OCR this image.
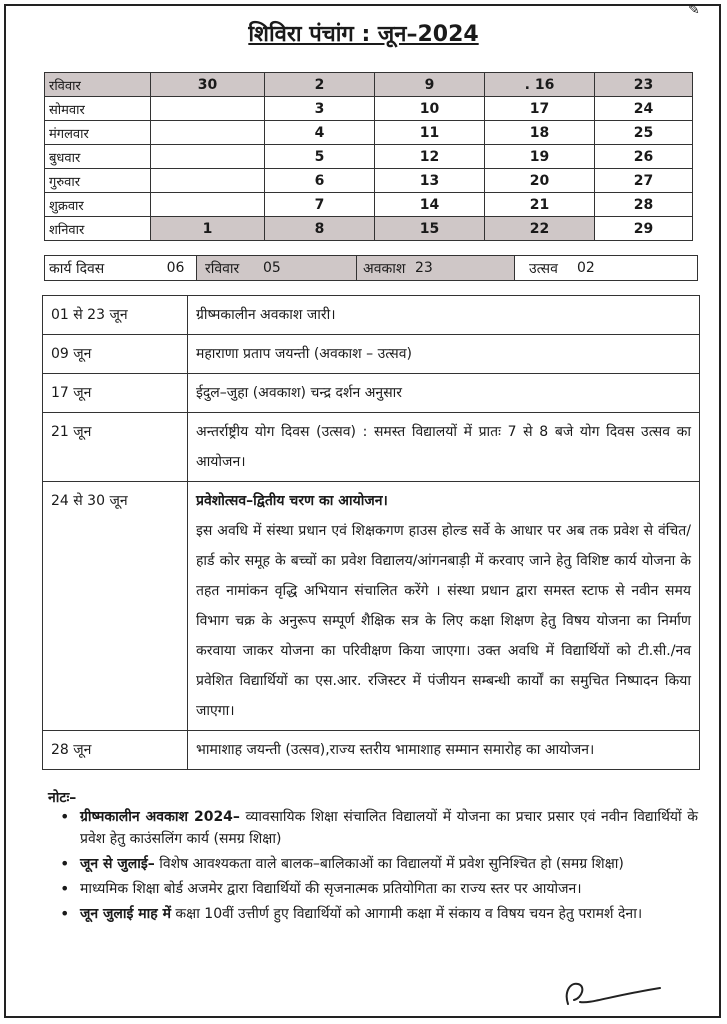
✎
शिविरा पंचांग : जून–2024
रविवार	30	2	9	. 16	23
सोमवार		3	10	17	24
मंगलवार		4	11	18	25
बुधवार		5	12	19	26
गुरुवार		6	13	20	27
शुक्रवार		7	14	21	28
शनिवार	1	8	15	22	29
कार्य दिवस	06	रविवार	05	अवकाश 23	उत्सव	02
01 से 23 जून	ग्रीष्मकालीन अवकाश जारी।
09 जून	महाराणा प्रताप जयन्ती (अवकाश – उत्सव)
17 जून	ईदुल–जुहा (अवकाश) चन्द्र दर्शन अनुसार
21 जून	अन्तर्राष्ट्रीय योग दिवस (उत्सव) : समस्त विद्यालयों में प्रातः 7 से 8 बजे योग दिवस उत्सव का आयोजन।
24 से 30 जून	प्रवेशोत्सव–द्वितीय चरण का आयोजन।
इस अवधि में संस्था प्रधान एवं शिक्षकगण हाउस होल्ड सर्वे के आधार पर अब तक प्रवेश से वंचित/हार्ड कोर समूह के बच्चों का प्रवेश विद्यालय/आंगनबाड़ी में करवाए जाने हेतु विशिष्ट कार्य योजना के तहत नामांकन वृद्धि अभियान संचालित करेंगे । संस्था प्रधान द्वारा समस्त स्टाफ से नवीन समय विभाग चक्र के अनुरूप सम्पूर्ण शैक्षिक सत्र के लिए कक्षा शिक्षण हेतु विषय योजना का निर्माण करवाया जाकर योजना का परिवीक्षण किया जाएगा। उक्त अवधि में विद्यार्थियों को टी.सी./नव प्रवेशित विद्यार्थियों का एस.आर. रजिस्टर में पंजीयन सम्बन्धी कार्यों का समुचित निष्पादन किया जाएगा।

28 जून	भामाशाह जयन्ती (उत्सव),राज्य स्तरीय भामाशाह सम्मान समारोह का आयोजन।
नोटः–
• ग्रीष्मकालीन अवकाश 2024– व्यावसायिक शिक्षा संचालित विद्यालयों में योजना का प्रचार प्रसार एवं नवीन विद्यार्थियों के प्रवेश हेतु काउंसलिंग कार्य (समग्र शिक्षा)
• जून से जुलाई– विशेष आवश्यकता वाले बालक–बालिकाओं का विद्यालयों में प्रवेश सुनिश्चित हो (समग्र शिक्षा)
• माध्यमिक शिक्षा बोर्ड अजमेर द्वारा विद्यार्थियों की सृजनात्मक प्रतियोगिता का राज्य स्तर पर आयोजन।
• जून जुलाई माह में कक्षा 10वीं उत्तीर्ण हुए विद्यार्थियों को आगामी कक्षा में संकाय व विषय चयन हेतु परामर्श देना।
